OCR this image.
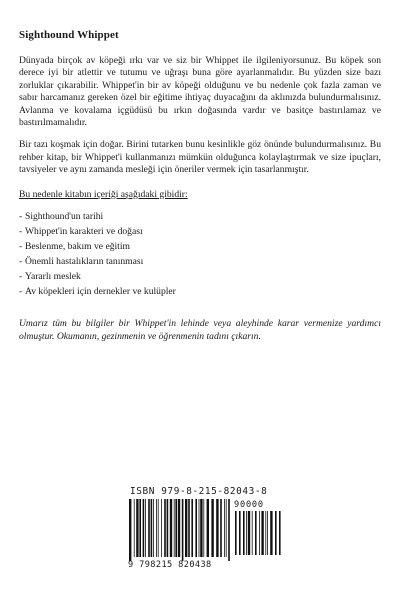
Sighthound Whippet

Dünyada birçok av köpeği ırkı var ve siz bir Whippet ile ilgileniyorsunuz. Bu köpek son derece iyi bir atlettir ve tutumu ve uğraşı buna göre ayarlanmalıdır. Bu yüzden size bazı zorluklar çıkarabilir. Whippet'in bir av köpeği olduğunu ve bu nedenle çok fazla zaman ve sabır harcamanız gereken özel bir eğitime ihtiyaç duyacağını da aklınızda bulundurmalısınız. Avlanma ve kovalama içgüdüsü bu ırkın doğasında vardır ve basitçe bastırılamaz ve bastırılmamalıdır.

Bir tazı koşmak için doğar. Birini tutarken bunu kesinlikle göz önünde bulundurmalısınız. Bu rehber kitap, bir Whippet'i kullanmanızı mümkün olduğunca kolaylaştırmak ve size ipuçları, tavsiyeler ve aynı zamanda mesleği için öneriler vermek için tasarlanmıştır.

Bu nedenle kitabın içeriği aşağıdaki gibidir:

- Sighthound'un tarihi
- Whippet'in karakteri ve doğası
- Beslenme, bakım ve eğitim
- Önemli hastalıkların tanınması
- Yararlı meslek
- Av köpekleri için dernekler ve kulüpler

Umarız tüm bu bilgiler bir Whippet'in lehinde veya aleyhinde karar vermenize yardımcı olmuştur. Okumanın, gezinmenin ve öğrenmenin tadını çıkarın.

ISBN 979-8-215-82043-8
90000
9 798215 820438
